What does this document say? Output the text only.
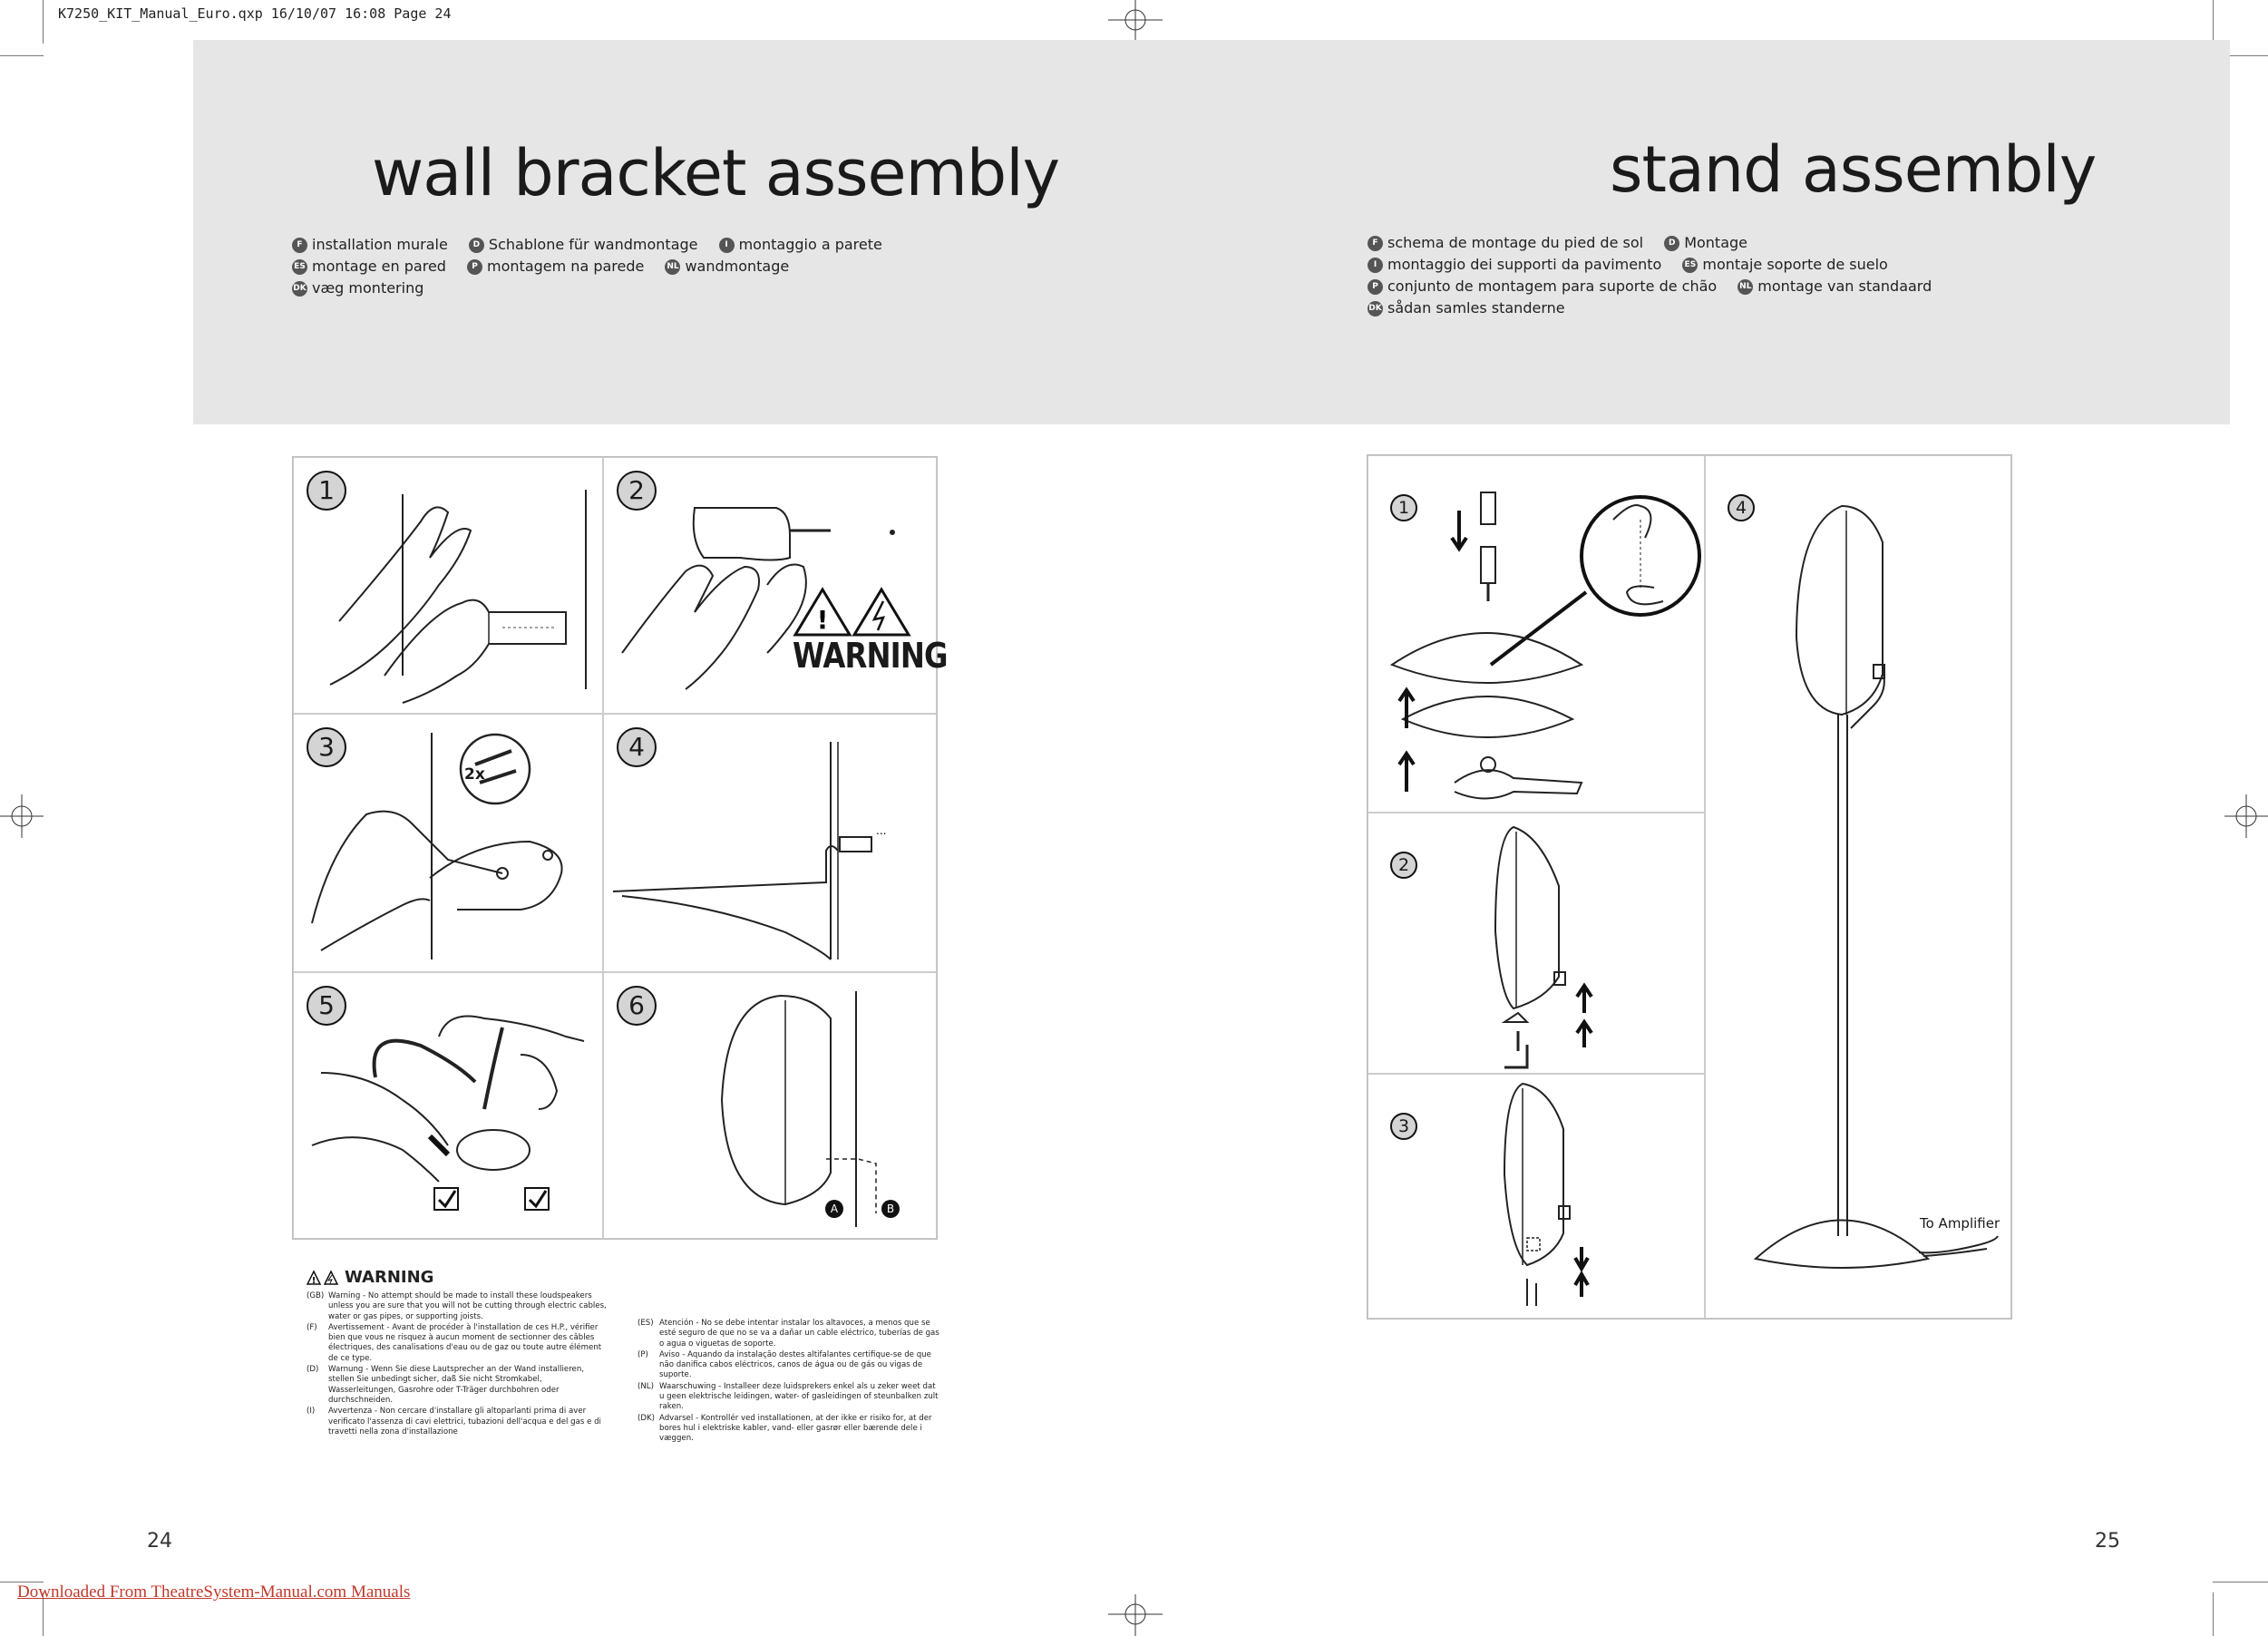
K7250_KIT_Manual_Euro.qxp 16/10/07 16:08 Page 24
wall bracket assembly	stand assembly
F installation murale	D Schablone für wandmontage	I montaggio a parete ES montage en pared	P montagem na parede	NL wandmontage DK væg montering
F schema de montage du pied de sol	D Montage I montaggio dei supporti da pavimento	ES montaje soporte de suelo P conjunto de montagem para suporte de chão	NL montage van standaard DK sådan samles standerne
1	2
!
WARNING
3
2x
4
...
5	6
A	B
1	4
To Amplifier
2
3
! WARNING
(GB) Warning - No attempt should be made to install these loudspeakers unless you are sure that you will not be cutting through electric cables, water or gas pipes, or supporting joists.
(F)	Avertissement - Avant de procéder à l'installation de ces H.P., vérifier bien que vous ne risquez à aucun moment de sectionner des câbles électriques, des canalisations d'eau ou de gaz ou toute autre élément de ce type.
(D)	Warnung - Wenn Sie diese Lautsprecher an der Wand installieren, stellen Sie unbedingt sicher, daß Sie nicht Stromkabel, Wasserleitungen, Gasrohre oder T-Träger durchbohren oder durchschneiden.
(I)	Avvertenza - Non cercare d'installare gli altoparlanti prima di aver verificato l'assenza di cavi elettrici, tubazioni dell'acqua e del gas e di travetti nella zona d'installazione
(ES) Atención - No se debe intentar instalar los altavoces, a menos que se esté seguro de que no se va a dañar un cable eléctrico, tuberías de gas o agua o viguetas de soporte.
(P)	Aviso - Aquando da instalação destes altifalantes certifique-se de que não danifica cabos eléctricos, canos de água ou de gás ou vigas de suporte.
(NL) Waarschuwing - Installeer deze luidsprekers enkel als u zeker weet dat u geen elektrische leidingen, water- of gasleidingen of steunbalken zult raken.
(DK) Advarsel - Kontrollér ved installationen, at der ikke er risiko for, at der bores hul i elektriske kabler, vand- eller gasrør eller bærende dele i væggen.
24	25
Downloaded From TheatreSystem-Manual.com Manuals
